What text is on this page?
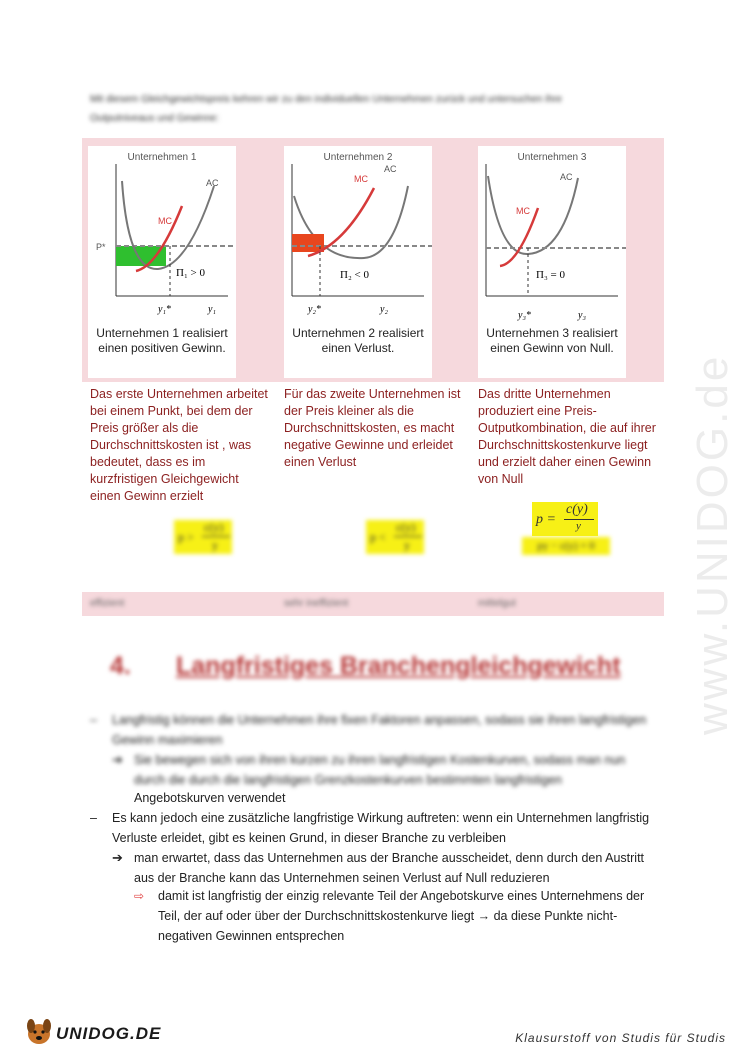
www.UNIDOG.de
Mit diesem Gleichgewichtspreis kehren wir zu den individuellen Unternehmen zurück und untersuchen ihre Outputniveaus und Gewinne:
Π₁ > 0
AC
MC
P*
y₁*	y₁
Unternehmen 1
Unternehmen 1 realisiert einen positiven Gewinn.
Π₂ < 0
AC
MC
y₂*	y₂
Unternehmen 2
Unternehmen 2 realisiert einen Verlust.
Π₃ = 0
AC
MC
y₃*	y₃
Unternehmen 3
Unternehmen 3 realisiert einen Gewinn von Null.
Das erste Unternehmen arbeitet bei einem Punkt, bei dem der Preis größer als die Durchschnittskosten ist , was bedeutet, dass es im kurzfristigen Gleichgewicht einen Gewinn erzielt
Für das zweite Unternehmen ist der Preis kleiner als die Durchschnittskosten, es macht negative Gewinne und erleidet einen Verlust
Das dritte Unternehmen produziert eine Preis-Outputkombination, die auf ihrer Durchschnittskostenkurve liegt und erzielt daher einen Gewinn von Null
p >
c(y)
y
p <
c(y)
y
p =
c(y)
y
py − c(y) = 0
effizient	sehr ineffizient	mittelgut
4. Langfristiges Branchengleichgewicht
– Langfristig können die Unternehmen ihre fixen Faktoren anpassen, sodass sie ihren langfristigen Gewinn maximieren
➔ Sie bewegen sich von ihren kurzen zu ihren langfristigen Kostenkurven, sodass man nun durch die durch die langfristigen Grenzkostenkurven bestimmten langfristigen
Angebotskurven verwendet
– Es kann jedoch eine zusätzliche langfristige Wirkung auftreten: wenn ein Unternehmen langfristig
Verluste erleidet, gibt es keinen Grund, in dieser Branche zu verbleiben
➔ man erwartet, dass das Unternehmen aus der Branche ausscheidet, denn durch den Austritt
aus der Branche kann das Unternehmen seinen Verlust auf Null reduzieren
⇨ damit ist langfristig der einzig relevante Teil der Angebotskurve eines Unternehmens der
Teil, der auf oder über der Durchschnittskostenkurve liegt → da diese Punkte nicht-
negativen Gewinnen entsprechen
UNIDOG.DE	Klausurstoff von Studis für Studis
